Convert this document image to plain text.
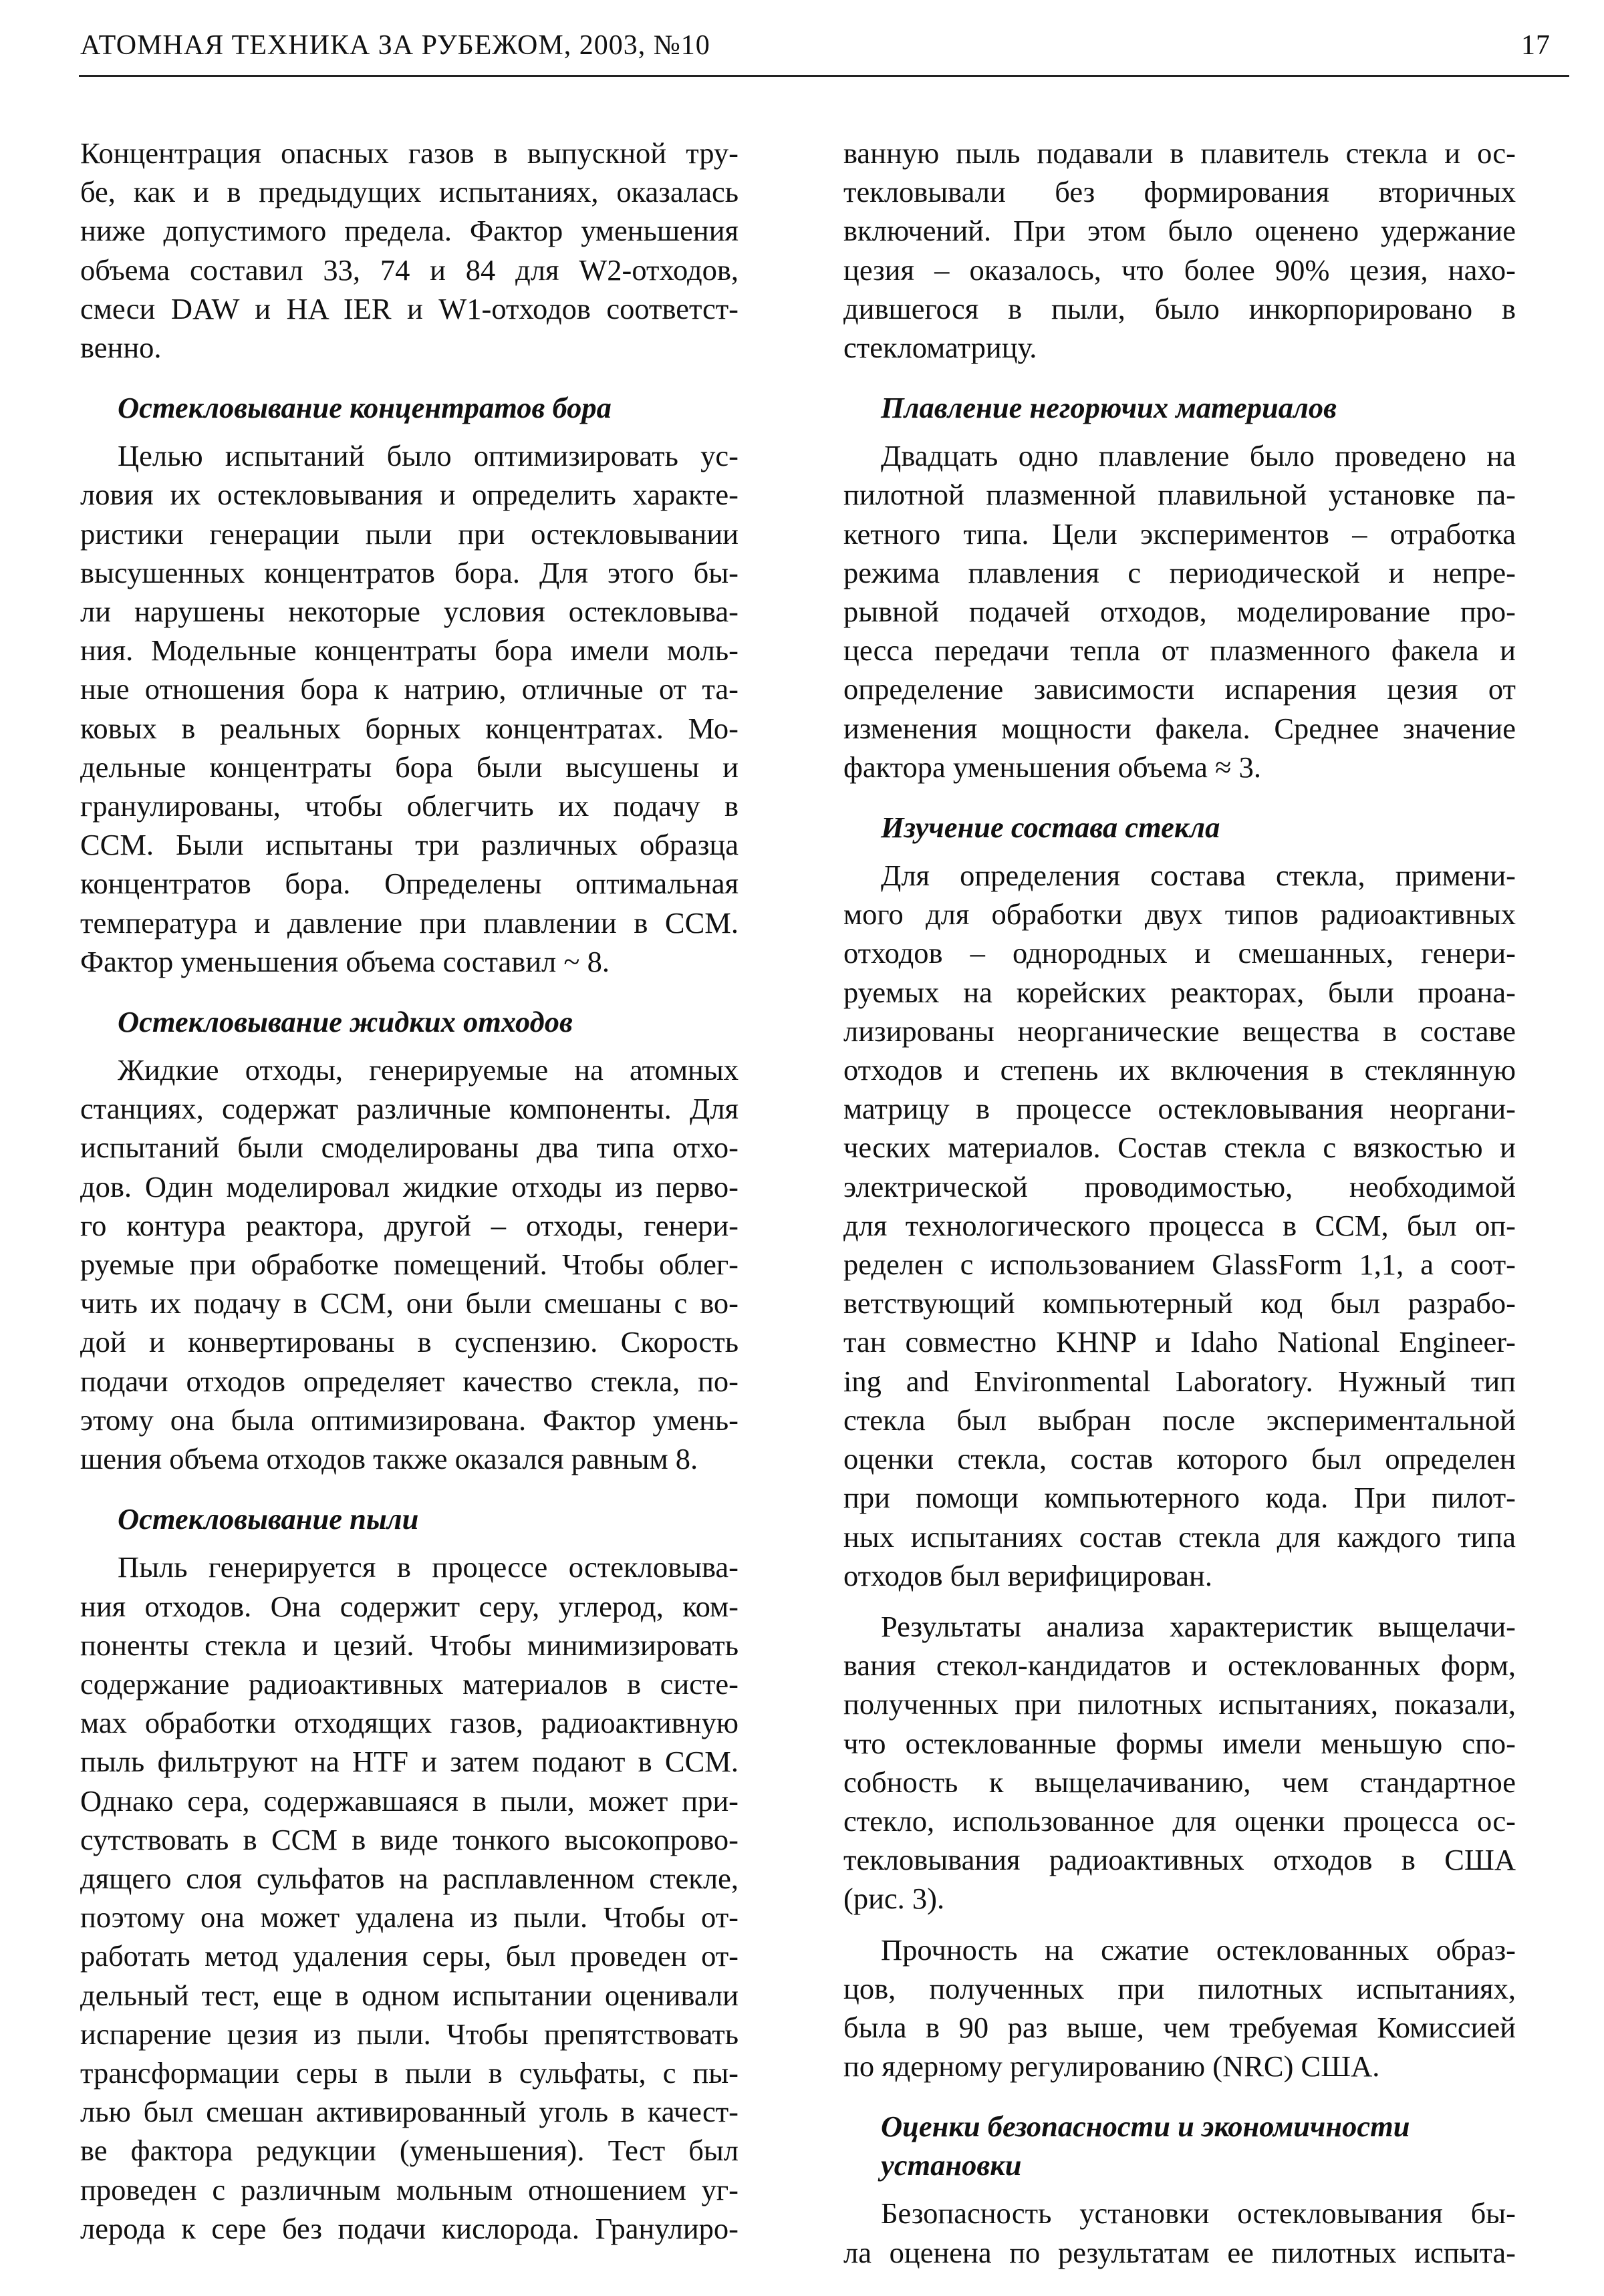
АТОМНАЯ ТЕХНИКА ЗА РУБЕЖОМ, 2003, №10	17
Концентрация опасных газов в выпускной тру-
бе, как и в предыдущих испытаниях, оказалась
ниже допустимого предела. Фактор уменьшения
объема составил 33, 74 и 84 для W2-отходов,
смеси DAW и HA IER и W1-отходов соответст-
венно.
Остекловывание концентратов бора
Целью испытаний было оптимизировать ус-
ловия их остекловывания и определить характе-
ристики генерации пыли при остекловывании
высушенных концентратов бора. Для этого бы-
ли нарушены некоторые условия остекловыва-
ния. Модельные концентраты бора имели моль-
ные отношения бора к натрию, отличные от та-
ковых в реальных борных концентратах. Мо-
дельные концентраты бора были высушены и
гранулированы, чтобы облегчить их подачу в
CCM. Были испытаны три различных образца
концентратов бора. Определены оптимальная
температура и давление при плавлении в CCM.
Фактор уменьшения объема составил ~ 8.
Остекловывание жидких отходов
Жидкие отходы, генерируемые на атомных
станциях, содержат различные компоненты. Для
испытаний были смоделированы два типа отхо-
дов. Один моделировал жидкие отходы из перво-
го контура реактора, другой – отходы, генери-
руемые при обработке помещений. Чтобы облег-
чить их подачу в CCM, они были смешаны с во-
дой и конвертированы в суспензию. Скорость
подачи отходов определяет качество стекла, по-
этому она была оптимизирована. Фактор умень-
шения объема отходов также оказался равным 8.
Остекловывание пыли
Пыль генерируется в процессе остекловыва-
ния отходов. Она содержит серу, углерод, ком-
поненты стекла и цезий. Чтобы минимизировать
содержание радиоактивных материалов в систе-
мах обработки отходящих газов, радиоактивную
пыль фильтруют на HTF и затем подают в CCM.
Однако сера, содержавшаяся в пыли, может при-
сутствовать в CCM в виде тонкого высокопрово-
дящего слоя сульфатов на расплавленном стекле,
поэтому она может удалена из пыли. Чтобы от-
работать метод удаления серы, был проведен от-
дельный тест, еще в одном испытании оценивали
испарение цезия из пыли. Чтобы препятствовать
трансформации серы в пыли в сульфаты, с пы-
лью был смешан активированный уголь в качест-
ве фактора редукции (уменьшения). Тест был
проведен с различным мольным отношением уг-
лерода к сере без подачи кислорода. Гранулиро-
ванную пыль подавали в плавитель стекла и ос-
текловывали без формирования вторичных
включений. При этом было оценено удержание
цезия – оказалось, что более 90% цезия, нахо-
дившегося в пыли, было инкорпорировано в
стекломатрицу.
Плавление негорючих материалов
Двадцать одно плавление было проведено на
пилотной плазменной плавильной установке па-
кетного типа. Цели экспериментов – отработка
режима плавления с периодической и непре-
рывной подачей отходов, моделирование про-
цесса передачи тепла от плазменного факела и
определение зависимости испарения цезия от
изменения мощности факела. Среднее значение
фактора уменьшения объема ≈ 3.
Изучение состава стекла
Для определения состава стекла, примени-
мого для обработки двух типов радиоактивных
отходов – однородных и смешанных, генери-
руемых на корейских реакторах, были проана-
лизированы неорганические вещества в составе
отходов и степень их включения в стеклянную
матрицу в процессе остекловывания неоргани-
ческих материалов. Состав стекла с вязкостью и
электрической проводимостью, необходимой
для технологического процесса в CCM, был оп-
ределен с использованием GlassForm 1,1, а соот-
ветствующий компьютерный код был разрабо-
тан совместно KHNP и Idaho National Engineer-
ing and Environmental Laboratory. Нужный тип
стекла был выбран после экспериментальной
оценки стекла, состав которого был определен
при помощи компьютерного кода. При пилот-
ных испытаниях состав стекла для каждого типа
отходов был верифицирован.
Результаты анализа характеристик выщелачи-
вания стекол-кандидатов и остеклованных форм,
полученных при пилотных испытаниях, показали,
что остеклованные формы имели меньшую спо-
собность к выщелачиванию, чем стандартное
стекло, использованное для оценки процесса ос-
текловывания радиоактивных отходов в США
(рис. 3).
Прочность на сжатие остеклованных образ-
цов, полученных при пилотных испытаниях,
была в 90 раз выше, чем требуемая Комиссией
по ядерному регулированию (NRC) США.
Оценки безопасности и экономичности
установки
Безопасность установки остекловывания бы-
ла оценена по результатам ее пилотных испыта-
